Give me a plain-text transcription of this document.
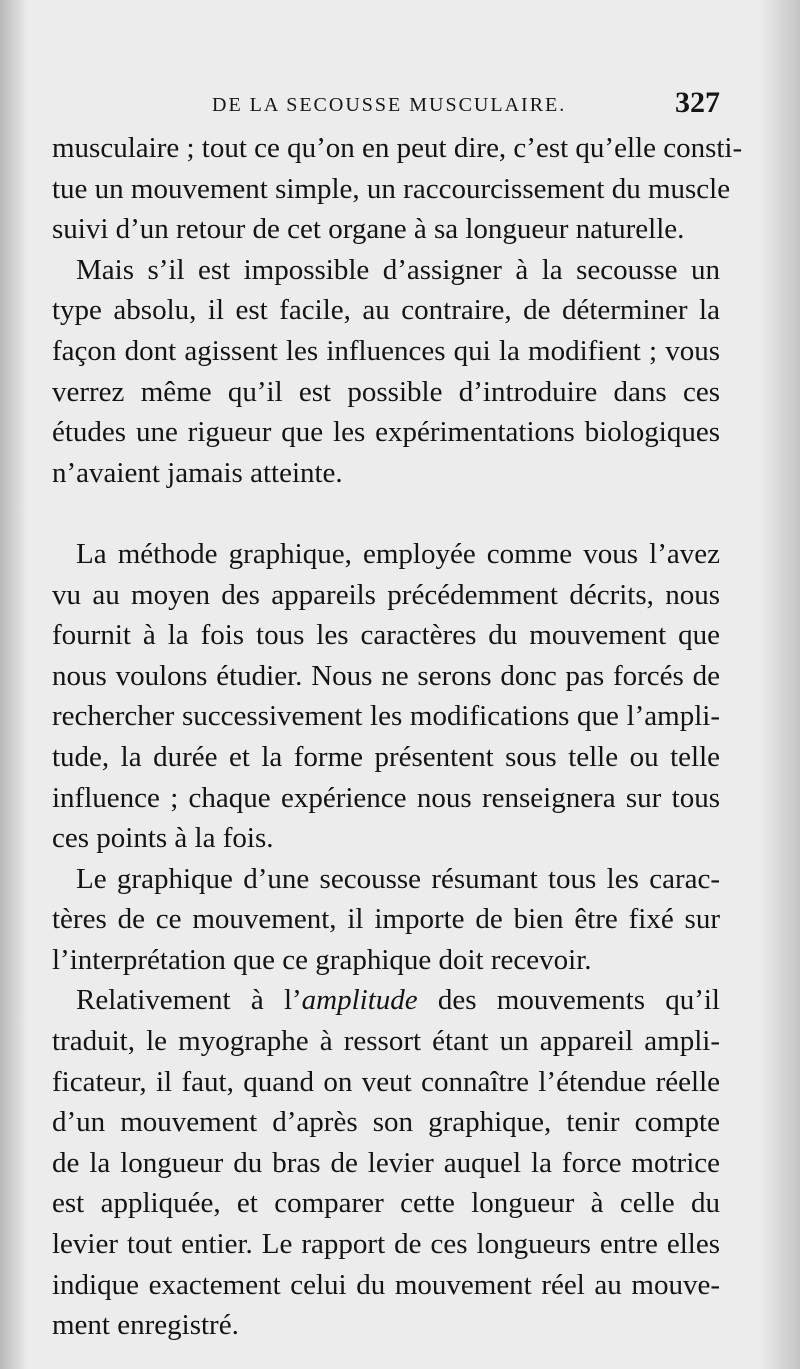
DE LA SECOUSSE MUSCULAIRE.	327
musculaire ; tout ce qu’on en peut dire, c’est qu’elle consti-
tue un mouvement simple, un raccourcissement du muscle
suivi d’un retour de cet organe à sa longueur naturelle.
Mais s’il est impossible d’assigner à la secousse un
type absolu, il est facile, au contraire, de déterminer la
façon dont agissent les influences qui la modifient ; vous
verrez même qu’il est possible d’introduire dans ces
études une rigueur que les expérimentations biologiques
n’avaient jamais atteinte.
La méthode graphique, employée comme vous l’avez
vu au moyen des appareils précédemment décrits, nous
fournit à la fois tous les caractères du mouvement que
nous voulons étudier. Nous ne serons donc pas forcés de
rechercher successivement les modifications que l’ampli-
tude, la durée et la forme présentent sous telle ou telle
influence ; chaque expérience nous renseignera sur tous
ces points à la fois.
Le graphique d’une secousse résumant tous les carac-
tères de ce mouvement, il importe de bien être fixé sur
l’interprétation que ce graphique doit recevoir.
Relativement à l’amplitude des mouvements qu’il
traduit, le myographe à ressort étant un appareil ampli-
ficateur, il faut, quand on veut connaître l’étendue réelle
d’un mouvement d’après son graphique, tenir compte
de la longueur du bras de levier auquel la force motrice
est appliquée, et comparer cette longueur à celle du
levier tout entier. Le rapport de ces longueurs entre elles
indique exactement celui du mouvement réel au mouve-
ment enregistré.
